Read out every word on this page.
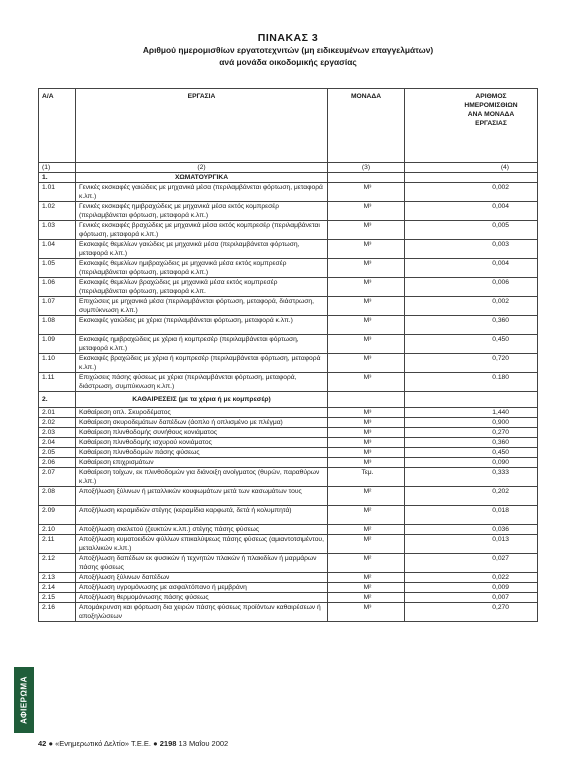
ΠΙΝΑΚΑΣ 3
Αριθμού ημερομισθίων εργατοτεχνιτών (μη ειδικευμένων επαγγελμάτων)
ανά μονάδα οικοδομικής εργασίας
Α/Α	ΕΡΓΑΣΙΑ	ΜΟΝΑΔΑ	ΑΡΙΘΜΟΣ
ΗΜΕΡΟΜΙΣΘΙΩΝ
ΑΝΑ ΜΟΝΑΔΑ
ΕΡΓΑΣΙΑΣ

(1)	(2)	(3)	(4)
1.	ΧΩΜΑΤΟΥΡΓΙΚΑ		
1.01	Γενικές εκσκαφές γαιώδεις με μηχανικά μέσα (περιλαμβάνεται φόρτωση, μεταφορά κ.λπ.)	Μ³	0,002
1.02	Γενικές εκσκαφές ημιβραχώδεις με μηχανικά μέσα εκτός κομπρεσέρ (περιλαμβάνεται φόρτωση, μεταφορά κ.λπ.)	Μ³	0,004
1.03	Γενικές εκσκαφές βραχώδεις με μηχανικά μέσα εκτός κομπρεσέρ (περιλαμβάνεται φόρτωση, μεταφορά κ.λπ.)	Μ³	0,005
1.04	Εκσκαφές θεμελίων γαιώδεις με μηχανικά μέσα (περιλαμβάνεται φόρτωση, μεταφορά κ.λπ.)	Μ³	0,003
1.05	Εκσκαφές θεμελίων ημιβραχώδεις με μηχανικά μέσα εκτός κομπρεσέρ (περιλαμβάνεται φόρτωση, μεταφορά κ.λπ.)	Μ³	0,004
1.06	Εκσκαφές θεμελίων βραχώδεις με μηχανικά μέσα εκτός κομπρεσέρ (περιλαμβάνεται φόρτωση, μεταφορά κ.λπ.	Μ³	0,006
1.07	Επιχώσεις με μηχανικά μέσα (περιλαμβάνεται φόρτωση, μεταφορά, διάστρωση, συμπύκνωση κ.λπ.)	Μ³	0,002
1.08	Εκσκαφές γαιώδεις με χέρια (περιλαμβάνεται φόρτωση, μεταφορά κ.λπ.)	Μ³	0,360
1.09	Εκσκαφές ημιβραχώδεις με χέρια ή κομπρεσέρ (περιλαμβάνεται φόρτωση, μεταφορά κ.λπ.)	Μ³	0,450
1.10	Εκσκαφές βραχώδεις με χέρια ή κομπρεσέρ (περιλαμβάνεται φόρτωση, μεταφορά κ.λπ.)	Μ³	0,720
1.11	Επιχώσεις πάσης φύσεως με χέρια (περιλαμβάνεται φόρτωση, μεταφορά, διάστρωση, συμπύκνωση κ.λπ.)	Μ³	0.180
2.	ΚΑΘΑΙΡΕΣΕΙΣ (με τα χέρια ή με κομπρεσέρ)		
2.01	Καθαίρεση οπλ. Σκυροδέματος	Μ³	1,440
2.02	Καθαίρεση σκυροδεμάτων δαπέδων (άοπλο ή οπλισμένο με πλέγμα)	Μ³	0,900
2.03	Καθαίρεση πλινθοδομής συνήθους κονιάματος	Μ³	0,270
2.04	Καθαίρεση πλινθοδομής ισχυρού κονιάματος	Μ³	0,360
2.05	Καθαίρεση πλινθοδομών πάσης φύσεως	Μ³	0,450
2.06	Καθαίρεση επιχρισμάτων	Μ³	0,090
2.07	Καθαίρεση τοίχων, εκ πλινθοδομών για διάνοιξη ανοίγματος (θυρών, παραθύρων κ.λπ.)	Τεμ.	0,333
2.08	Αποξήλωση ξύλινων ή μεταλλικών κουφωμάτων μετά των κασωμάτων τους	Μ²	0,202
2.09	Αποξήλωση κεραμιδιών στέγης (κεραμίδια καρφωτά, δετά ή κολυμπητά)	Μ²	0,018
2.10	Αποξήλωση σκελετού (ζευκτών κ.λπ.) στέγης πάσης φύσεως	Μ²	0,036
2.11	Αποξήλωση κυματοειδών φύλλων επικαλύψεως πάσης φύσεως (αμιαντοτσιμέντου, μεταλλικών κ.λπ.)	Μ²	0,013
2.12	Αποξήλωση δαπέδων εκ φυσικών ή τεχνητών πλακών ή πλακιδίων ή μαρμάρων πάσης φύσεως	Μ²	0,027
2.13	Αποξήλωση ξύλινων δαπέδων	Μ²	0,022
2.14	Αποξήλωση υγρομόνωσης με ασφαλτόπανο ή μεμβράνη	Μ²	0,009
2.15	Αποξήλωση θερμομόνωσης πάσης φύσεως	Μ²	0,007
2.16	Απομάκρυνση και φόρτωση δια χειρών πάσης φύσεως προϊόντων καθαιρέσεων ή αποξηλώσεων	Μ³	0,270
ΑΦΙΕΡΩΜΑ
42 ● «Ενημερωτικό Δελτίο» Τ.Ε.Ε. ● 2198 13 Μαΐου 2002
